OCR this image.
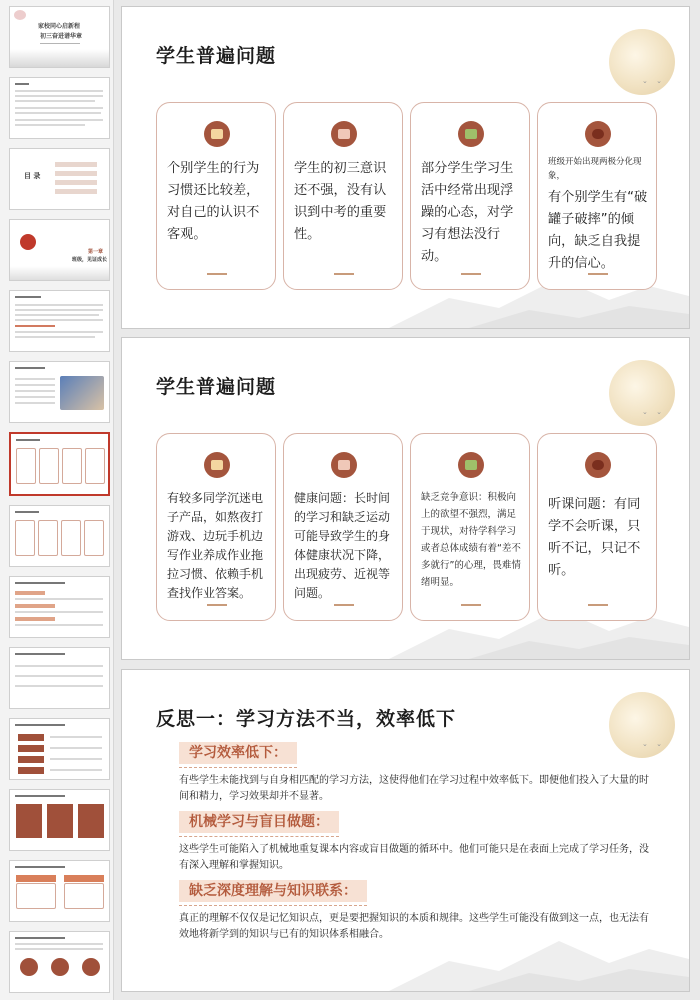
家校同心启新程
初三奋进谱华章
目 录
第一章
班级，见证成长
学生普遍问题
⌄ ⌄
个别学生的行为习惯还比较差，对自己的认识不客观。
学生的初三意识还不强，没有认识到中考的重要性。
部分学生学习生活中经常出现浮躁的心态，对学习有想法没行动。
班级开始出现两极分化现象，
有个别学生有“破罐子破摔”的倾向，缺乏自我提升的信心。
学生普遍问题
⌄ ⌄
有较多同学沉迷电子产品，如熬夜打游戏、边玩手机边写作业养成作业拖拉习惯、依赖手机查找作业答案。
健康问题：长时间的学习和缺乏运动可能导致学生的身体健康状况下降，出现疲劳、近视等问题。
缺乏竞争意识：积极向上的欲望不强烈，满足于现状，对待学科学习或者总体成绩有着“差不多就行”的心理，畏难情绪明显。
听课问题：有同学不会听课，只听不记，只记不听。
反思一：学习方法不当，效率低下
⌄ ⌄
学习效率低下：
有些学生未能找到与自身相匹配的学习方法，这使得他们在学习过程中效率低下。即便他们投入了大量的时间和精力，学习效果却并不显著。
机械学习与盲目做题：
这些学生可能陷入了机械地重复课本内容或盲目做题的循环中。他们可能只是在表面上完成了学习任务，没有深入理解和掌握知识。
缺乏深度理解与知识联系：
真正的理解不仅仅是记忆知识点，更是要把握知识的本质和规律。这些学生可能没有做到这一点，也无法有效地将新学到的知识与已有的知识体系相融合。
